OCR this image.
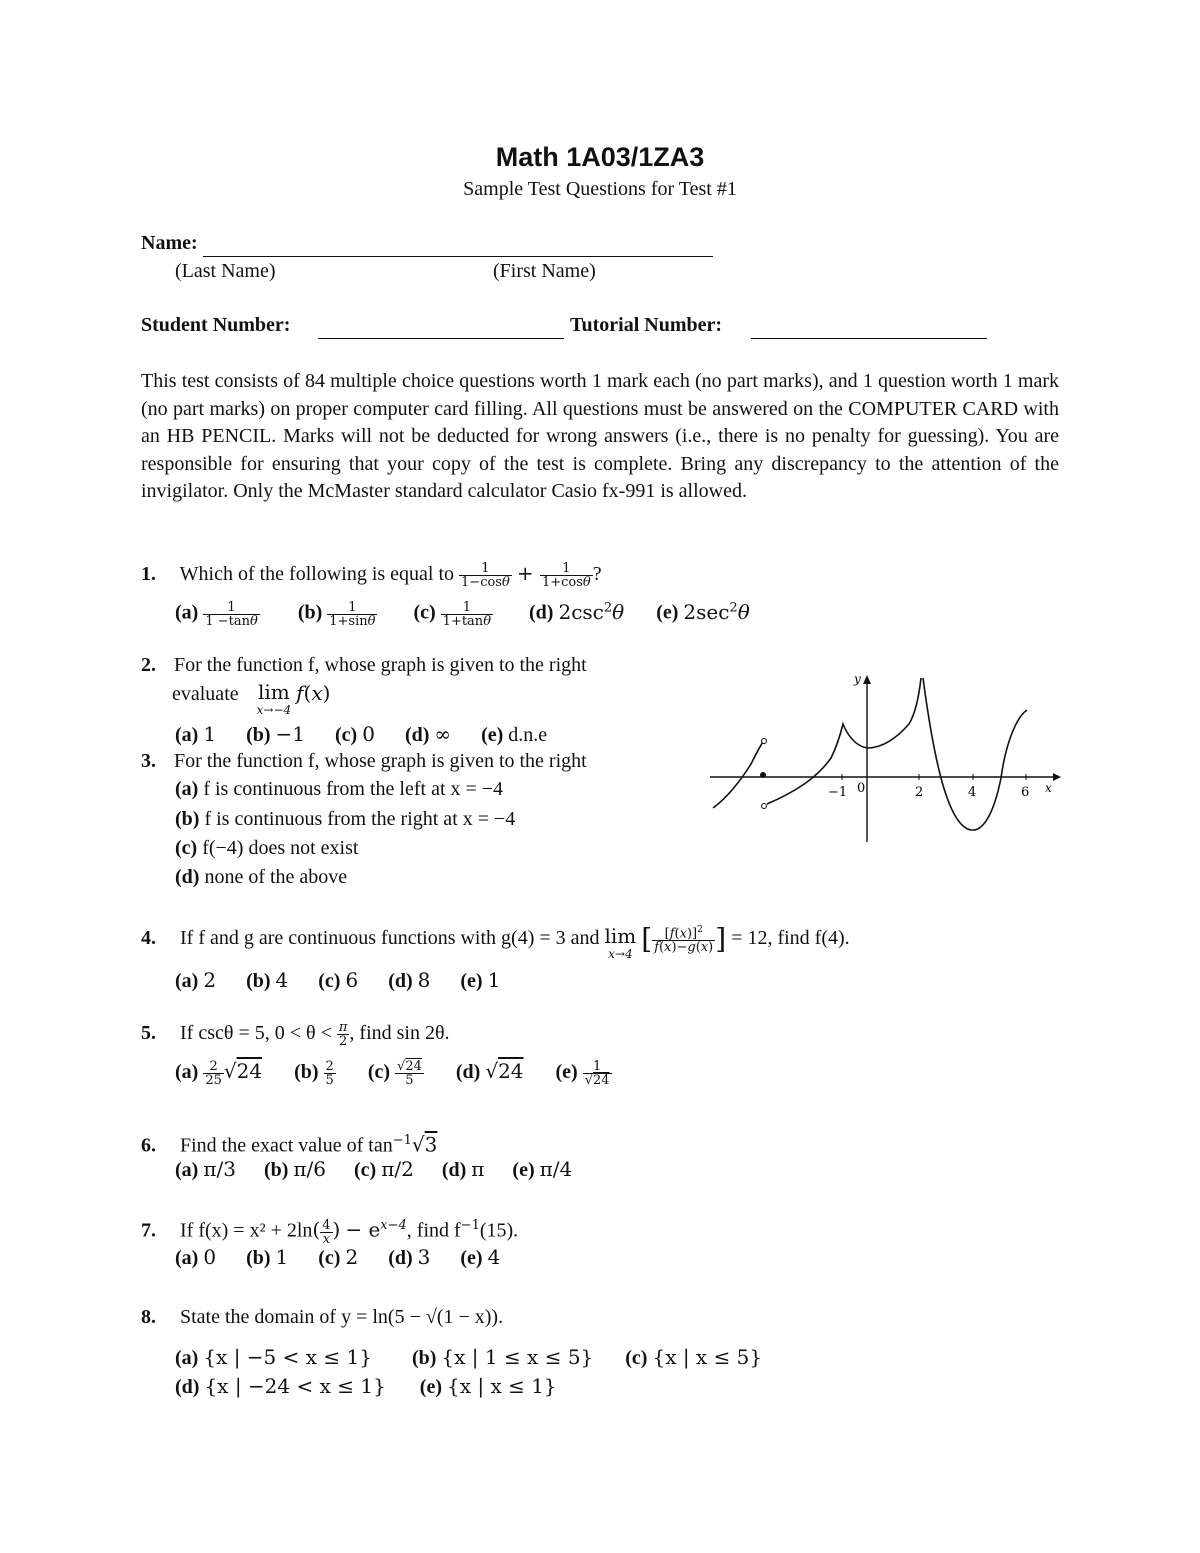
Math 1A03/1ZA3
Sample Test Questions for Test #1
Name:
(Last Name)	(First Name)
Student Number:	Tutorial Number:
This test consists of 84 multiple choice questions worth 1 mark each (no part marks), and 1 question worth 1 mark (no part marks) on proper computer card filling. All questions must be answered on the COMPUTER CARD with an HB PENCIL. Marks will not be deducted for wrong answers (i.e., there is no penalty for guessing). You are responsible for ensuring that your copy of the test is complete. Bring any discrepancy to the attention of the invigilator. Only the McMaster standard calculator Casio fx-991 is allowed.
1. Which of the following is equal to $\frac{1}{1-\cos\theta} + \frac{1}{1+\cos\theta}$ ?
$(a) \frac{1}{1 -\tan\theta} (b) \frac{1}{1+\sin\theta} (c) \frac{1}{1+\tan\theta} (d)$ $2\csc^2\theta$ (e) $2\sec^2\theta$
2. For the function f, whose graph is given to the right
evaluate lim
x→−4
f(x)
(a) 1 (b) −1 (c) 0 (d) ∞ (e) d.n.e
3. For the function f, whose graph is given to the right
(a) f is continuous from the left at x = −4
(b) f is continuous from the right at x = −4
(c) f(−4) does not exist
(d) none of the above
x
y
−1 0	2	4	6
4. If f and g are continuous functions with g(4) = 3 and lim
x→4 [ $\frac{[f(x)]^2}{f(x)-g(x)}$ ] = 12, find f(4).
(a) 2 (b) 4 (c) 6 (d) 8 (e) 1
5. If cscθ = 5, $0 < \theta < \frac{\pi}{2}$ , find sin 2θ.
$(a) \frac{2}{25} √24$ $(b) \frac{2}{5} (c) \frac{√24}{5} (d)$ √24 $(e) \frac{1}{√24}$
6. Find the exact value of $\tan^{-1}√3$
(a) π/3 (b) π/6 (c) π/2 (d) π (e) π/4
7. If $f(x) = x^2 + 2\ln( \frac{4}{x}$ ) − $e^{x-4}$, find $f^{-1}(15)$.
(a) 0 (b) 1 (c) 2 (d) 3 (e) 4
8. State the domain of y = ln(5 − √(1 − x)).
(a) {x | −5 < x ≤ 1} (b) {x | 1 ≤ x ≤ 5} (c) {x | x ≤ 5}
(d) {x | −24 < x ≤ 1} (e) {x | x ≤ 1}
